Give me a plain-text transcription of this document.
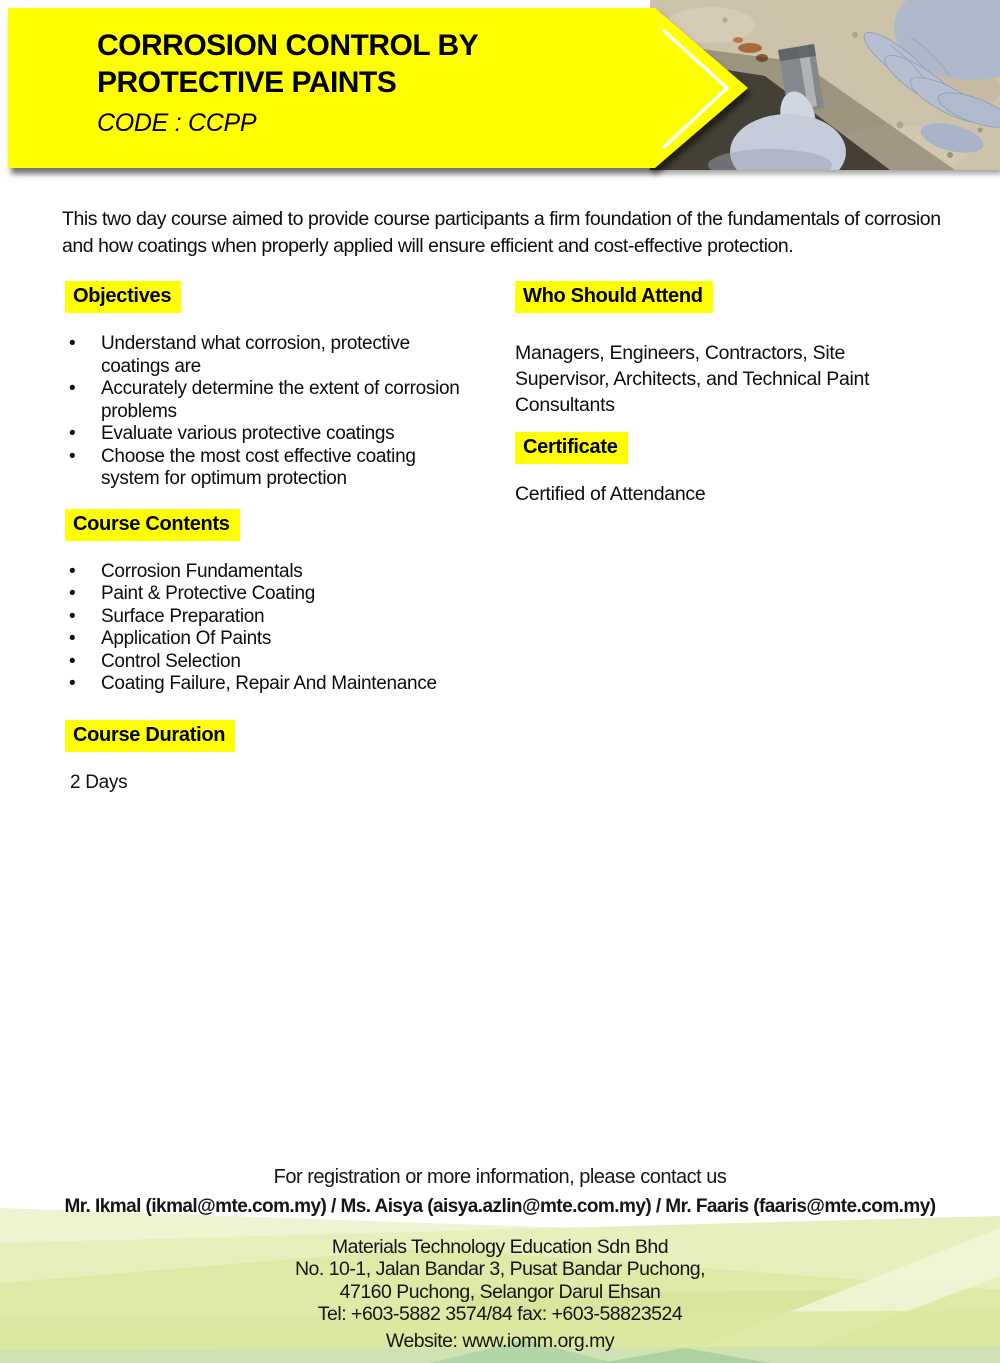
CORROSION CONTROL BY
PROTECTIVE PAINTS
CODE : CCPP

This two day course aimed to provide course participants a firm foundation of the fundamentals of corrosion and how coatings when properly applied will ensure efficient and cost-effective protection.

Objectives
• Understand what corrosion, protective coatings are
• Accurately determine the extent of corrosion problems
• Evaluate various protective coatings
• Choose the most cost effective coating system for optimum protection
Course Contents
• Corrosion Fundamentals
• Paint & Protective Coating
• Surface Preparation
• Application Of Paints
• Control Selection
• Coating Failure, Repair And Maintenance
Course Duration

2 Days

Who Should Attend

Managers, Engineers, Contractors, Site Supervisor, Architects, and Technical Paint Consultants

Certificate

Certified of Attendance

For registration or more information, please contact us
Mr. Ikmal (ikmal@mte.com.my) / Ms. Aisya (aisya.azlin@mte.com.my) / Mr. Faaris (faaris@mte.com.my)
Materials Technology Education Sdn Bhd
No. 10-1, Jalan Bandar 3, Pusat Bandar Puchong,
47160 Puchong, Selangor Darul Ehsan
Tel: +603-5882 3574/84 fax: +603-58823524
Website: www.iomm.org.my
